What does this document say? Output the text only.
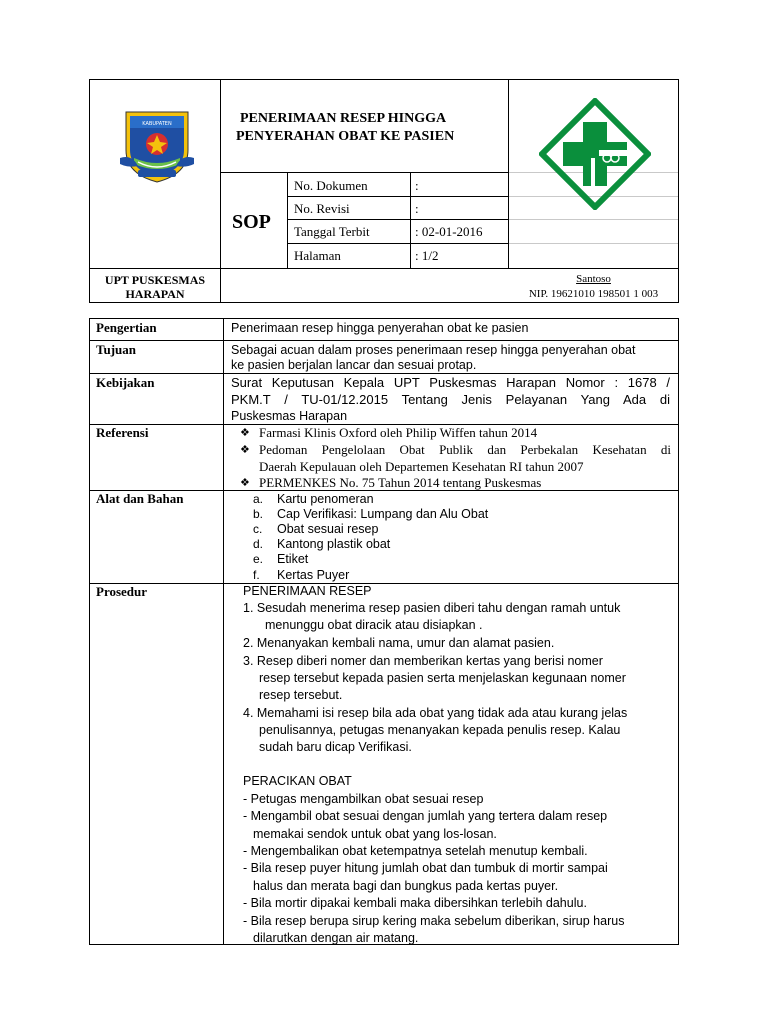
KABUPATEN	PENERIMAAN RESEP HINGGA
PENYERAHAN OBAT KE PASIEN
SOP
No. Dokumen	:
No. Revisi	:
Tanggal Terbit	: 02-01-2016
Halaman	: 1/2
UPT PUSKESMAS
HARAPAN
Santoso
NIP. 19621010 198501 1 003
Pengertian	Penerimaan resep hingga penyerahan obat ke pasien
Tujuan	Sebagai acuan dalam proses penerimaan resep hingga penyerahan obat
ke pasien berjalan lancar dan sesuai protap.
Kebijakan	Surat Keputusan Kepala UPT Puskesmas Harapan Nomor : 1678 /
PKM.T / TU-01/12.2015 Tentang Jenis Pelayanan Yang Ada di
Puskesmas Harapan
Referensi	❖ Farmasi Klinis Oxford oleh Philip Wiffen tahun 2014
❖ Pedoman Pengelolaan Obat Publik dan Perbekalan Kesehatan di
Daerah Kepulauan oleh Departemen Kesehatan RI tahun 2007
❖ PERMENKES No. 75 Tahun 2014 tentang Puskesmas
Alat dan Bahan	a. Kartu penomeran
b. Cap Verifikasi: Lumpang dan Alu Obat
c. Obat sesuai resep
d. Kantong plastik obat
e. Etiket
f. Kertas Puyer
Prosedur	PENERIMAAN RESEP
1. Sesudah menerima resep pasien diberi tahu dengan ramah untuk
menunggu obat diracik atau disiapkan .
2. Menanyakan kembali nama, umur dan alamat pasien.
3. Resep diberi nomer dan memberikan kertas yang berisi nomer
resep tersebut kepada pasien serta menjelaskan kegunaan nomer
resep tersebut.
4. Memahami isi resep bila ada obat yang tidak ada atau kurang jelas
penulisannya, petugas menanyakan kepada penulis resep. Kalau
sudah baru dicap Verifikasi.
PERACIKAN OBAT
- Petugas mengambilkan obat sesuai resep
- Mengambil obat sesuai dengan jumlah yang tertera dalam resep
memakai sendok untuk obat yang los-losan.
- Mengembalikan obat ketempatnya setelah menutup kembali.
- Bila resep puyer hitung jumlah obat dan tumbuk di mortir sampai
halus dan merata bagi dan bungkus pada kertas puyer.
- Bila mortir dipakai kembali maka dibersihkan terlebih dahulu.
- Bila resep berupa sirup kering maka sebelum diberikan, sirup harus
dilarutkan dengan air matang.
